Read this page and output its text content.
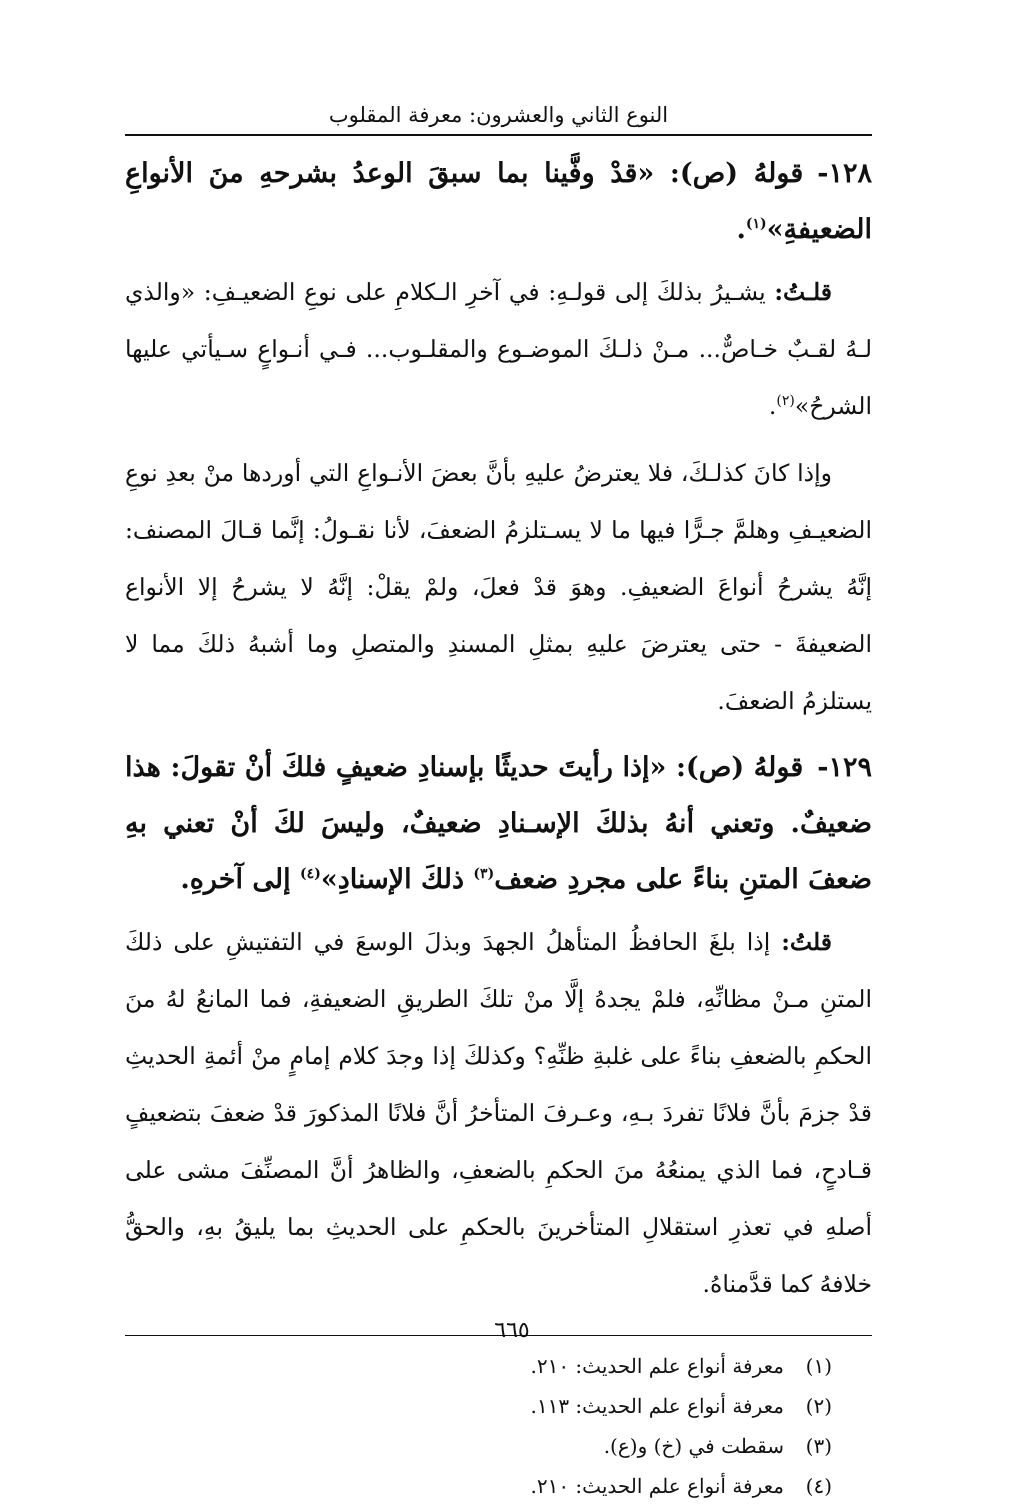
النوع الثاني والعشرون: معرفة المقلوب
١٢٨-قولهُ (ص): «قدْ وفَّينا بما سبقَ الوعدُ بشرحهِ منَ الأنواعِ الضعيفةِ»$^{(١)}$.

قلـتُ: يشـيرُ بذلكَ إلى قولـهِ: في آخرِ الـكلامِ على نوعِ الضعيـفِ: «والذي لـهُ لقـبٌ خـاصٌّ... مـنْ ذلـكَ الموضـوع والمقلـوب... فـي أنـواعٍ سـيأتي عليها الشرحُ»$^{(٢)}$.

وإذا كانَ كذلـكَ، فلا يعترضُ عليهِ بأنَّ بعضَ الأنـواعِ التي أوردها منْ بعدِ نوعِ الضعيـفِ وهلمَّ جـرًّا فيها ما لا يسـتلزمُ الضعفَ، لأنا نقـولُ: إنَّما قـالَ المصنف: إنَّهُ يشرحُ أنواعَ الضعيفِ. وهوَ قدْ فعلَ، ولمْ يقلْ: إنَّهُ لا يشرحُ إلا الأنواع الضعيفةَ - حتى يعترضَ عليهِ بمثلِ المسندِ والمتصلِ وما أشبهُ ذلكَ مما لا يستلزمُ الضعفَ.

١٢٩-قولهُ (ص): «إذا رأيتَ حديثًا بإسنادِ ضعيفٍ فلكَ أنْ تقولَ: هذا ضعيفٌ. وتعني أنهُ بذلكَ الإسـنادِ ضعيفٌ، وليسَ لكَ أنْ تعني بهِ ضعفَ المتنِ بناءً على مجردِ ضعف$^{(٣)}$ ذلكَ الإسنادِ»$^{(٤)}$ إلى آخرهِ.

قلتُ: إذا بلغَ الحافظُ المتأهلُ الجهدَ وبذلَ الوسعَ في التفتيشِ على ذلكَ المتنِ مـنْ مظانِّهِ، فلمْ يجدهُ إلَّا منْ تلكَ الطريقِ الضعيفةِ، فما المانعُ لهُ منَ الحكمِ بالضعفِ بناءً على غلبةِ ظنِّهِ؟ وكذلكَ إذا وجدَ كلام إمامٍ منْ أئمةِ الحديثِ قدْ جزمَ بأنَّ فلانًا تفردَ بـهِ، وعـرفَ المتأخرُ أنَّ فلانًا المذكورَ قدْ ضعفَ بتضعيفٍ قـادحٍ، فما الذي يمنعُهُ منَ الحكمِ بالضعفِ، والظاهرُ أنَّ المصنِّفَ مشى على أصلهِ في تعذرِ استقلالِ المتأخرينَ بالحكمِ على الحديثِ بما يليقُ بهِ، والحقُّ خلافهُ كما قدَّمناهُ.

(١)
معرفة أنواع علم الحديث: ٢١٠.
(٢)
معرفة أنواع علم الحديث: ١١٣.
(٣)
سقطت في (خ) و(ع).
(٤)
معرفة أنواع علم الحديث: ٢١٠.
٦٦٥
